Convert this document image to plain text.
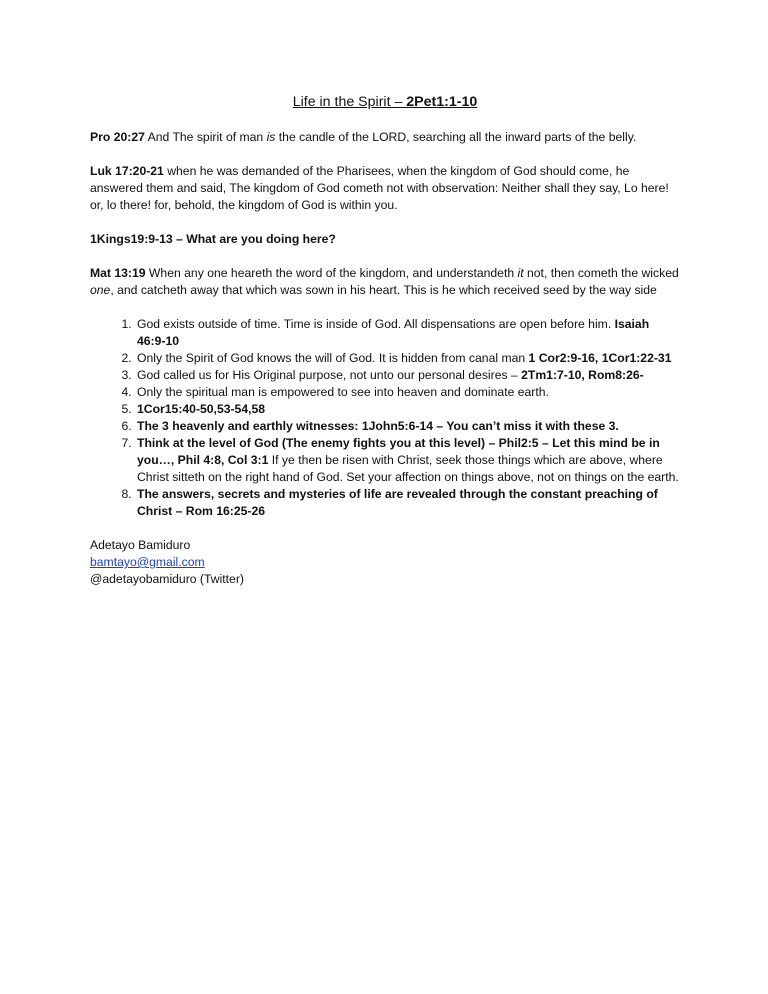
Life in the Spirit – 2Pet1:1-10

Pro 20:27 And The spirit of man is the candle of the LORD, searching all the inward parts of the belly.

Luk 17:20-21 when he was demanded of the Pharisees, when the kingdom of God should come, he answered them and said, The kingdom of God cometh not with observation: Neither shall they say, Lo here! or, lo there! for, behold, the kingdom of God is within you.

1Kings19:9-13 – What are you doing here?

Mat 13:19 When any one heareth the word of the kingdom, and understandeth it not, then cometh the wicked one, and catcheth away that which was sown in his heart. This is he which received seed by the way side

1. God exists outside of time. Time is inside of God. All dispensations are open before him. Isaiah 46:9-10
2. Only the Spirit of God knows the will of God. It is hidden from canal man 1 Cor2:9-16, 1Cor1:22-31
3. God called us for His Original purpose, not unto our personal desires – 2Tm1:7-10, Rom8:26-
4. Only the spiritual man is empowered to see into heaven and dominate earth.
5. 1Cor15:40-50,53-54,58
6. The 3 heavenly and earthly witnesses: 1John5:6-14 – You can’t miss it with these 3.
7. Think at the level of God (The enemy fights you at this level) – Phil2:5 – Let this mind be in you…, Phil 4:8, Col 3:1 If ye then be risen with Christ, seek those things which are above, where Christ sitteth on the right hand of God. Set your affection on things above, not on things on the earth.
8. The answers, secrets and mysteries of life are revealed through the constant preaching of Christ – Rom 16:25-26
Adetayo Bamiduro
bamtayo@gmail.com
@adetayobamiduro (Twitter)
